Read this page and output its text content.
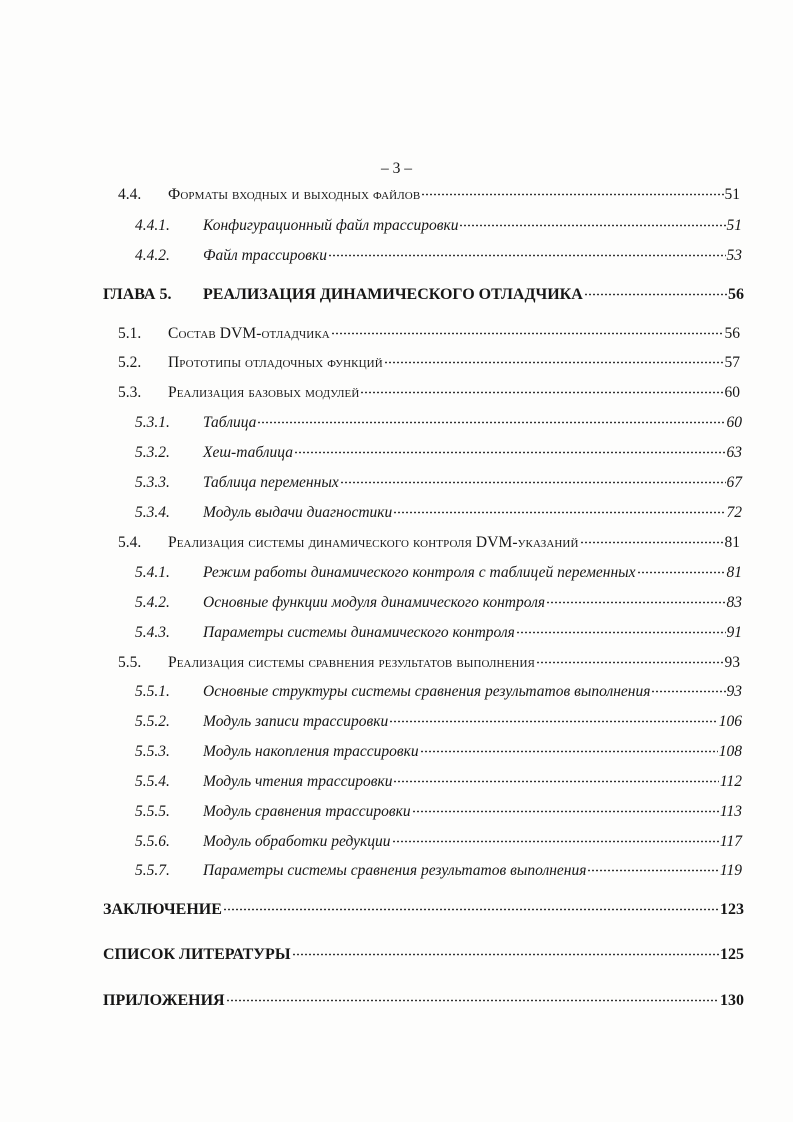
– 3 –
4.4.	Форматы входных и выходных файлов	51
4.4.1.	Конфигурационный файл трассировки	51
4.4.2.	Файл трассировки	53
ГЛАВА 5.	РЕАЛИЗАЦИЯ ДИНАМИЧЕСКОГО ОТЛАДЧИКА	56
5.1.	Состав DVM-отладчика	56
5.2.	Прототипы отладочных функций	57
5.3.	Реализация базовых модулей	60
5.3.1.	Таблица	60
5.3.2.	Хеш-таблица	63
5.3.3.	Таблица переменных	67
5.3.4.	Модуль выдачи диагностики	72
5.4.	Реализация системы динамического контроля DVM-указаний	81
5.4.1.	Режим работы динамического контроля с таблицей переменных	81
5.4.2.	Основные функции модуля динамического контроля	83
5.4.3.	Параметры системы динамического контроля	91
5.5.	Реализация системы сравнения результатов выполнения	93
5.5.1.	Основные структуры системы сравнения результатов выполнения	93
5.5.2.	Модуль записи трассировки	106
5.5.3.	Модуль накопления трассировки	108
5.5.4.	Модуль чтения трассировки	112
5.5.5.	Модуль сравнения трассировки	113
5.5.6.	Модуль обработки редукции	117
5.5.7.	Параметры системы сравнения результатов выполнения	119
ЗАКЛЮЧЕНИЕ	123
СПИСОК ЛИТЕРАТУРЫ	125
ПРИЛОЖЕНИЯ	130
